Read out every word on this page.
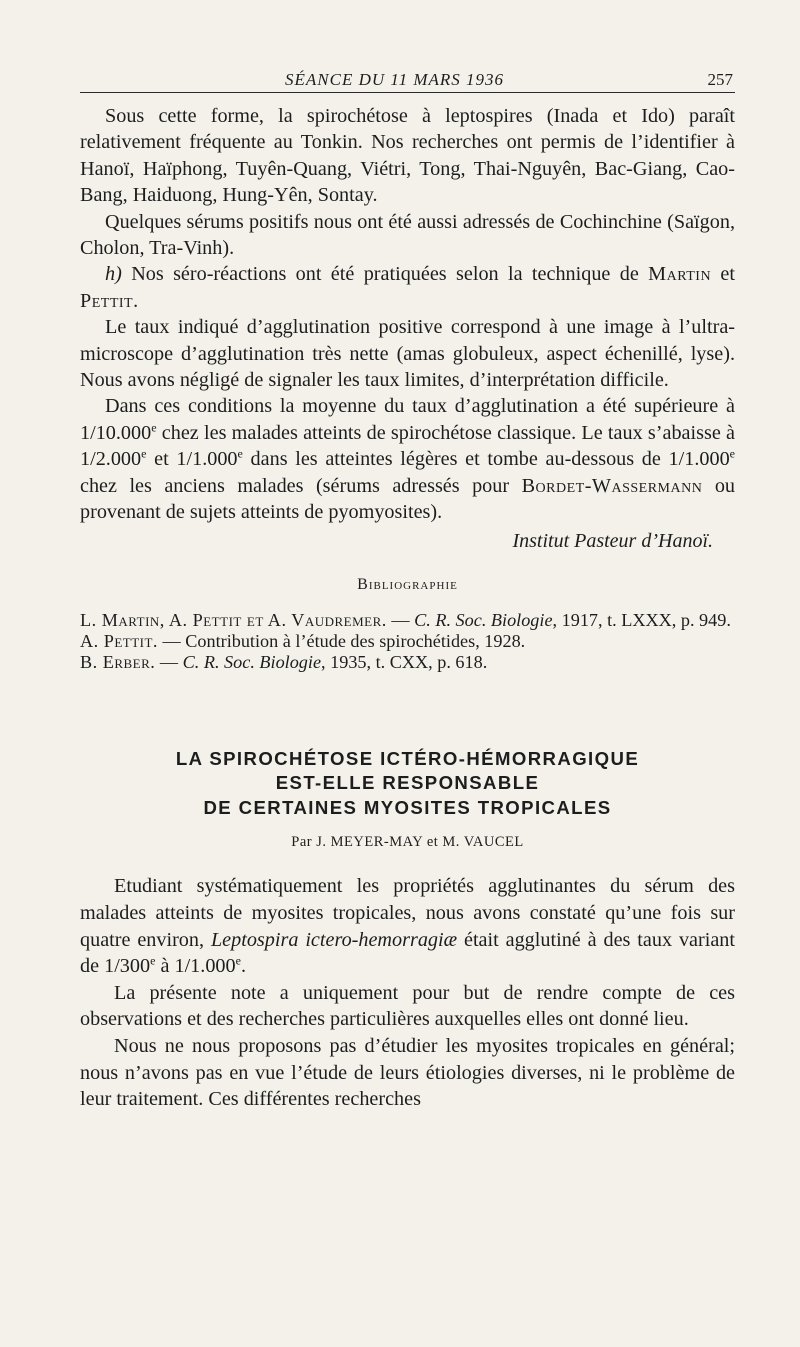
SÉANCE DU 11 MARS 1936	257

Sous cette forme, la spirochétose à leptospires (Inada et Ido) paraît relativement fréquente au Tonkin. Nos recherches ont permis de l’identifier à Hanoï, Haïphong, Tuyên-Quang, Viétri, Tong, Thai-Nguyên, Bac-Giang, Cao-Bang, Haiduong, Hung-Yên, Sontay.

Quelques sérums positifs nous ont été aussi adressés de Cochinchine (Saïgon, Cholon, Tra-Vinh).

h) Nos séro-réactions ont été pratiquées selon la technique de Martin et Pettit.

Le taux indiqué d’agglutination positive correspond à une image à l’ultra-microscope d’agglutination très nette (amas globuleux, aspect échenillé, lyse). Nous avons négligé de signaler les taux limites, d’interprétation difficile.

Dans ces conditions la moyenne du taux d’agglutination a été supérieure à 1/10.000e chez les malades atteints de spirochétose classique. Le taux s’abaisse à 1/2.000e et 1/1.000e dans les atteintes légères et tombe au-dessous de 1/1.000e chez les anciens malades (sérums adressés pour Bordet-Wassermann ou provenant de sujets atteints de pyomyosites).

Institut Pasteur d’Hanoï.
Bibliographie

L. Martin, A. Pettit et A. Vaudremer. — C. R. Soc. Biologie, 1917, t. LXXX, p. 949.

A. Pettit. — Contribution à l’étude des spirochétides, 1928.

B. Erber. — C. R. Soc. Biologie, 1935, t. CXX, p. 618.

LA SPIROCHÉTOSE ICTÉRO-HÉMORRAGIQUE
EST-ELLE RESPONSABLE
DE CERTAINES MYOSITES TROPICALES
Par J. MEYER-MAY et M. VAUCEL

Etudiant systématiquement les propriétés agglutinantes du sérum des malades atteints de myosites tropicales, nous avons constaté qu’une fois sur quatre environ, Leptospira ictero-hemorragiæ était agglutiné à des taux variant de 1/300e à 1/1.000e.

La présente note a uniquement pour but de rendre compte de ces observations et des recherches particulières auxquelles elles ont donné lieu.

Nous ne nous proposons pas d’étudier les myosites tropicales en général; nous n’avons pas en vue l’étude de leurs étiologies diverses, ni le problème de leur traitement. Ces différentes recherches
